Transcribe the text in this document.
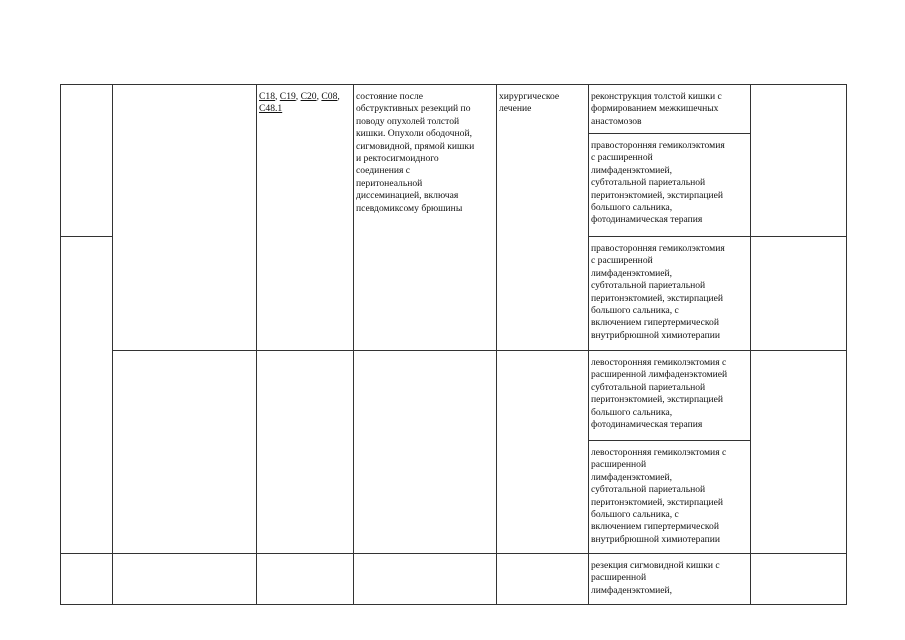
C18, C19, C20, C08, C48.1
состояние после
обструктивных резекций по
поводу опухолей толстой
кишки. Опухоли ободочной,
сигмовидной, прямой кишки
и ректосигмоидного
соединения с
перитонеальной
диссеминацией, включая
псевдомиксому брюшины
хирургическое
лечение
реконструкция толстой кишки с
формированием межкишечных
анастомозов
правосторонняя гемиколэктомия
с расширенной
лимфаденэктомией,
субтотальной париетальной
перитонэктомией, экстирпацией
большого сальника,
фотодинамическая терапия
правосторонняя гемиколэктомия
с расширенной
лимфаденэктомией,
субтотальной париетальной
перитонэктомией, экстирпацией
большого сальника, с
включением гипертермической
внутрибрюшной химиотерапии
левосторонняя гемиколэктомия с
расширенной лимфаденэктомией
субтотальной париетальной
перитонэктомией, экстирпацией
большого сальника,
фотодинамическая терапия
левосторонняя гемиколэктомия с
расширенной
лимфаденэктомией,
субтотальной париетальной
перитонэктомией, экстирпацией
большого сальника, с
включением гипертермической
внутрибрюшной химиотерапии
резекция сигмовидной кишки с
расширенной
лимфаденэктомией,
